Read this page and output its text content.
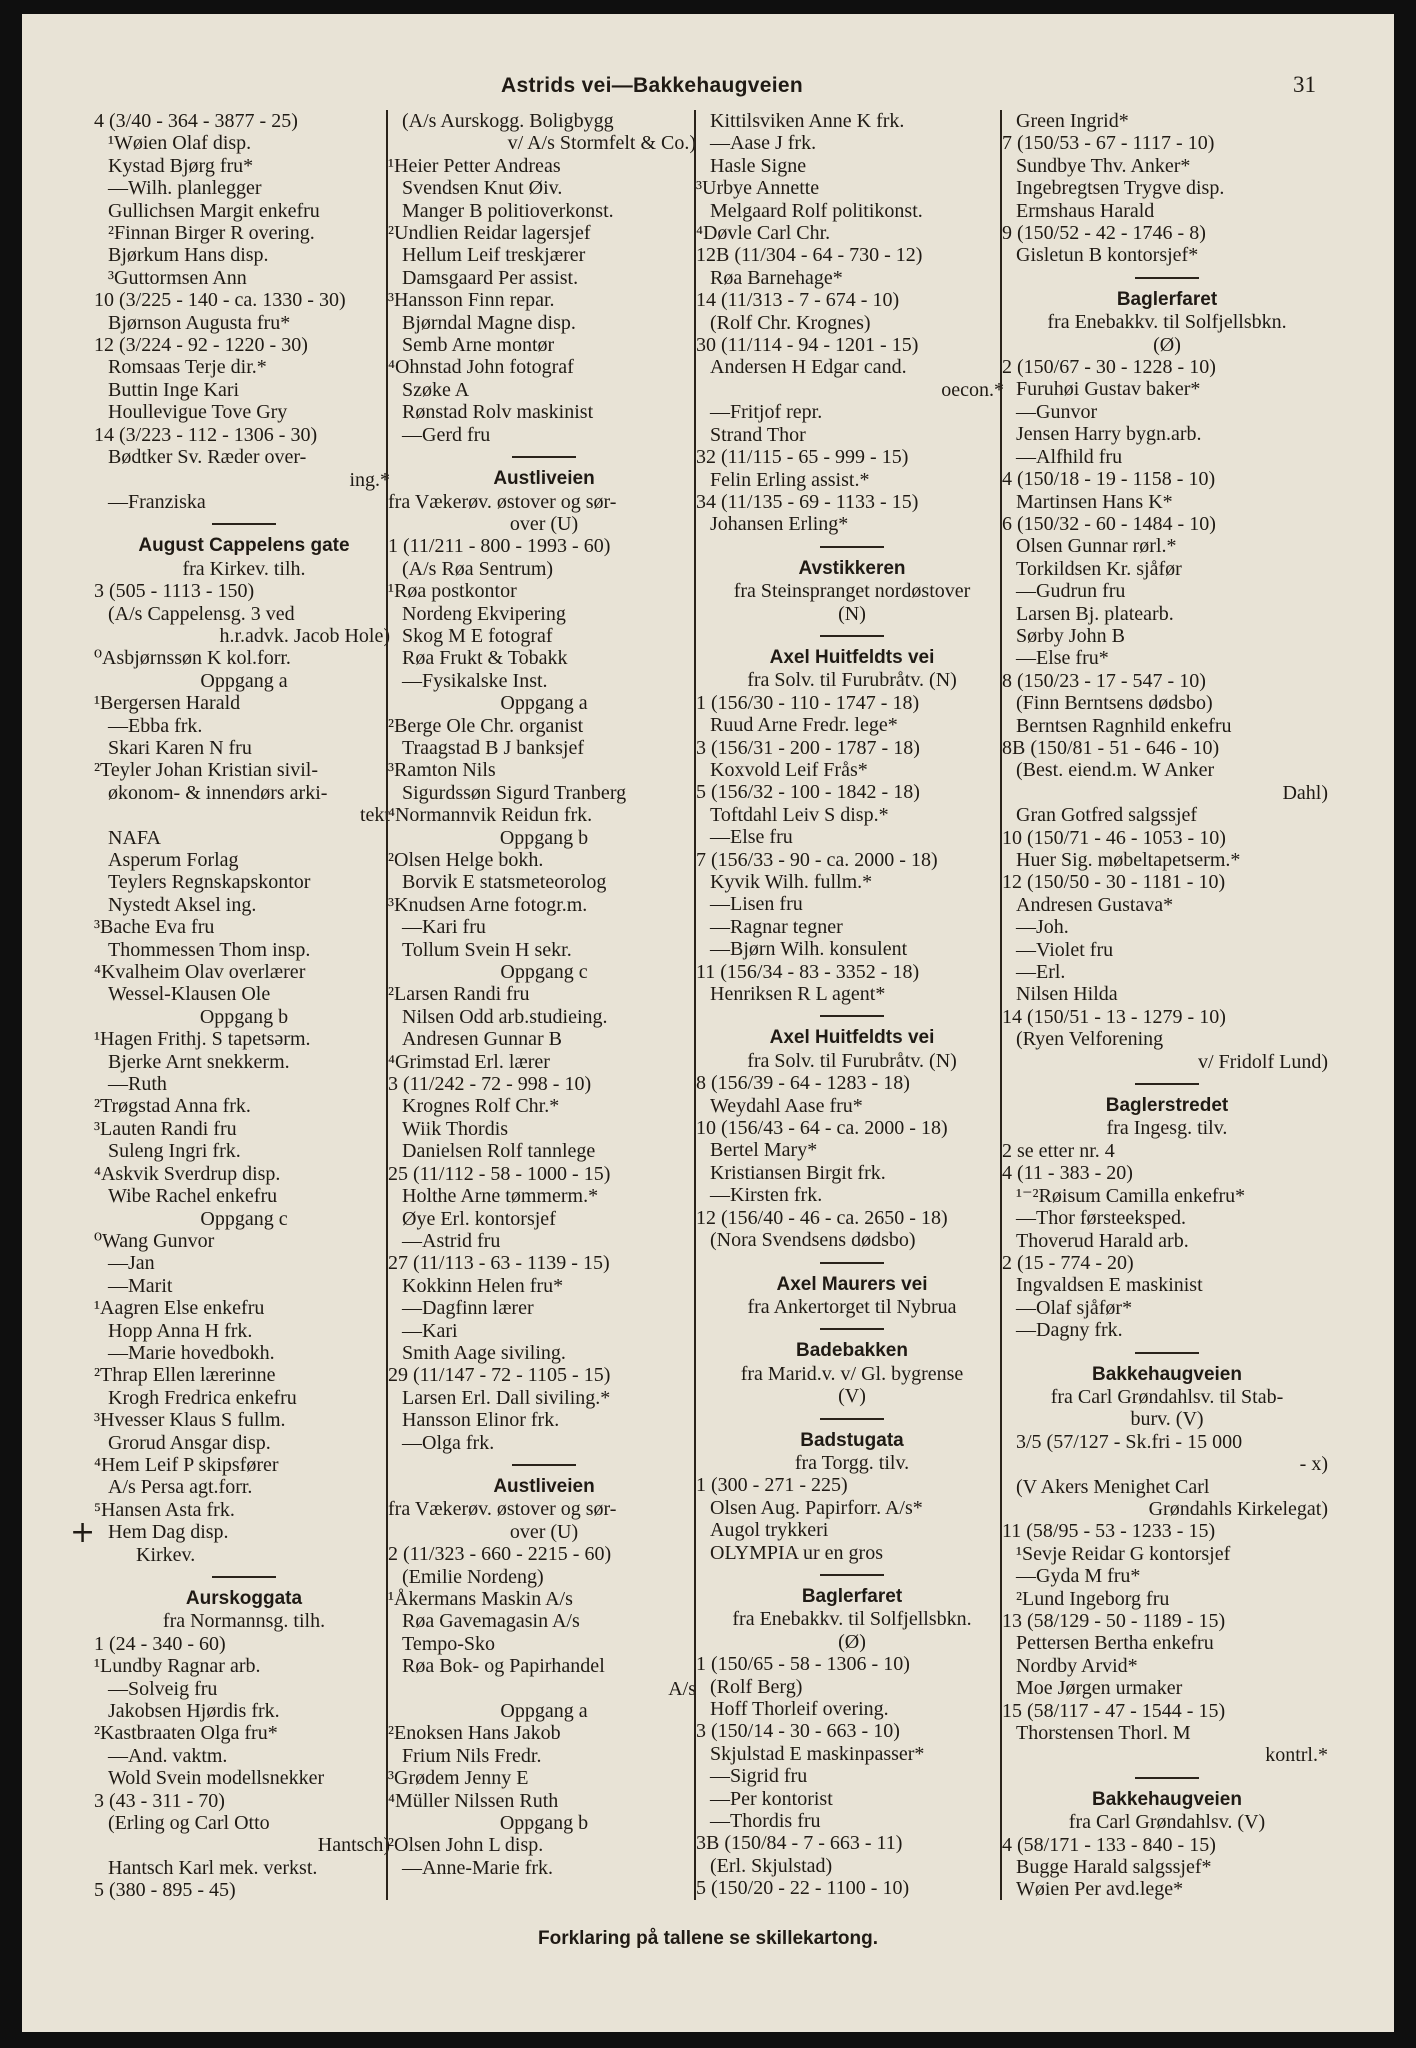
Astrids vei—Bakkehaugveien	31
4 (3/40 - 364 - 3877 - 25)
¹Wøien Olaf disp.
Kystad Bjørg fru*
—Wilh. planlegger
Gullichsen Margit enkefru
²Finnan Birger R overing.
Bjørkum Hans disp.
³Guttormsen Ann
10 (3/225 - 140 - ca. 1330 - 30)
Bjørnson Augusta fru*
12 (3/224 - 92 - 1220 - 30)
Romsaas Terje dir.*
Buttin Inge Kari
Houllevigue Tove Gry
14 (3/223 - 112 - 1306 - 30)
Bødtker Sv. Ræder over-
ing.*
—Franziska
August Cappelens gate
fra Kirkev. tilh.
3 (505 - 1113 - 150)
(A/s Cappelensg. 3 ved
h.r.advk. Jacob Hole)
⁰Asbjørnssøn K kol.forr.
Oppgang a
¹Bergersen Harald
—Ebba frk.
Skari Karen N fru
²Teyler Johan Kristian sivil-
økonom- & innendørs arki-
tekt
NAFA
Asperum Forlag
Teylers Regnskapskontor
Nystedt Aksel ing.
³Bache Eva fru
Thommessen Thom insp.
⁴Kvalheim Olav overlærer
Wessel-Klausen Ole
Oppgang b
¹Hagen Frithj. S tapetsərm.
Bjerke Arnt snekkerm.
—Ruth
²Trøgstad Anna frk.
³Lauten Randi fru
Suleng Ingri frk.
⁴Askvik Sverdrup disp.
Wibe Rachel enkefru
Oppgang c
⁰Wang Gunvor
—Jan
—Marit
¹Aagren Else enkefru
Hopp Anna H frk.
—Marie hovedbokh.
²Thrap Ellen lærerinne
Krogh Fredrica enkefru
³Hvesser Klaus S fullm.
Grorud Ansgar disp.
⁴Hem Leif P skipsfører
A/s Persa agt.forr.
⁵Hansen Asta frk.
Hem Dag disp.
Kirkev.
Aurskoggata
fra Normannsg. tilh.
1 (24 - 340 - 60)
¹Lundby Ragnar arb.
—Solveig fru
Jakobsen Hjørdis frk.
²Kastbraaten Olga fru*
—And. vaktm.
Wold Svein modellsnekker
3 (43 - 311 - 70)
(Erling og Carl Otto
Hantsch)
Hantsch Karl mek. verkst.
5 (380 - 895 - 45)
(A/s Aurskogg. Boligbygg
v/ A/s Stormfelt & Co.)
¹Heier Petter Andreas
Svendsen Knut Øiv.
Manger B politioverkonst.
²Undlien Reidar lagersjef
Hellum Leif treskjærer
Damsgaard Per assist.
³Hansson Finn repar.
Bjørndal Magne disp.
Semb Arne montør
⁴Ohnstad John fotograf
Szøke A
Rønstad Rolv maskinist
—Gerd fru
Austliveien
fra Vækerøv. østover og sør-
over (U)
1 (11/211 - 800 - 1993 - 60)
(A/s Røa Sentrum)
¹Røa postkontor
Nordeng Ekvipering
Skog M E fotograf
Røa Frukt & Tobakk
—Fysikalske Inst.
Oppgang a
²Berge Ole Chr. organist
Traagstad B J banksjef
³Ramton Nils
Sigurdssøn Sigurd Tranberg
⁴Normannvik Reidun frk.
Oppgang b
²Olsen Helge bokh.
Borvik E statsmeteorolog
³Knudsen Arne fotogr.m.
—Kari fru
Tollum Svein H sekr.
Oppgang c
²Larsen Randi fru
Nilsen Odd arb.studieing.
Andresen Gunnar B
⁴Grimstad Erl. lærer
3 (11/242 - 72 - 998 - 10)
Krognes Rolf Chr.*
Wiik Thordis
Danielsen Rolf tannlege
25 (11/112 - 58 - 1000 - 15)
Holthe Arne tømmerm.*
Øye Erl. kontorsjef
—Astrid fru
27 (11/113 - 63 - 1139 - 15)
Kokkinn Helen fru*
—Dagfinn lærer
—Kari
Smith Aage siviling.
29 (11/147 - 72 - 1105 - 15)
Larsen Erl. Dall siviling.*
Hansson Elinor frk.
—Olga frk.
Austliveien
fra Vækerøv. østover og sør-
over (U)
2 (11/323 - 660 - 2215 - 60)
(Emilie Nordeng)
¹Åkermans Maskin A/s
Røa Gavemagasin A/s
Tempo-Sko
Røa Bok- og Papirhandel
A/s
Oppgang a
²Enoksen Hans Jakob
Frium Nils Fredr.
³Grødem Jenny E
⁴Müller Nilssen Ruth
Oppgang b
²Olsen John L disp.
—Anne-Marie frk.
Kittilsviken Anne K frk.
—Aase J frk.
Hasle Signe
³Urbye Annette
Melgaard Rolf politikonst.
⁴Døvle Carl Chr.
12B (11/304 - 64 - 730 - 12)
Røa Barnehage*
14 (11/313 - 7 - 674 - 10)
(Rolf Chr. Krognes)
30 (11/114 - 94 - 1201 - 15)
Andersen H Edgar cand.
oecon.*
—Fritjof repr.
Strand Thor
32 (11/115 - 65 - 999 - 15)
Felin Erling assist.*
34 (11/135 - 69 - 1133 - 15)
Johansen Erling*
Avstikkeren
fra Steinspranget nordøstover
(N)
Axel Huitfeldts vei
fra Solv. til Furubråtv. (N)
1 (156/30 - 110 - 1747 - 18)
Ruud Arne Fredr. lege*
3 (156/31 - 200 - 1787 - 18)
Koxvold Leif Frås*
5 (156/32 - 100 - 1842 - 18)
Toftdahl Leiv S disp.*
—Else fru
7 (156/33 - 90 - ca. 2000 - 18)
Kyvik Wilh. fullm.*
—Lisen fru
—Ragnar tegner
—Bjørn Wilh. konsulent
11 (156/34 - 83 - 3352 - 18)
Henriksen R L agent*
Axel Huitfeldts vei
fra Solv. til Furubråtv. (N)
8 (156/39 - 64 - 1283 - 18)
Weydahl Aase fru*
10 (156/43 - 64 - ca. 2000 - 18)
Bertel Mary*
Kristiansen Birgit frk.
—Kirsten frk.
12 (156/40 - 46 - ca. 2650 - 18)
(Nora Svendsens dødsbo)
Axel Maurers vei
fra Ankertorget til Nybrua
Badebakken
fra Marid.v. v/ Gl. bygrense
(V)
Badstugata
fra Torgg. tilv.
1 (300 - 271 - 225)
Olsen Aug. Papirforr. A/s*
Augol trykkeri
OLYMPIA ur en gros
Baglerfaret
fra Enebakkv. til Solfjellsbkn.
(Ø)
1 (150/65 - 58 - 1306 - 10)
(Rolf Berg)
Hoff Thorleif overing.
3 (150/14 - 30 - 663 - 10)
Skjulstad E maskinpasser*
—Sigrid fru
—Per kontorist
—Thordis fru
3B (150/84 - 7 - 663 - 11)
(Erl. Skjulstad)
5 (150/20 - 22 - 1100 - 10)
Green Ingrid*
7 (150/53 - 67 - 1117 - 10)
Sundbye Thv. Anker*
Ingebregtsen Trygve disp.
Ermshaus Harald
9 (150/52 - 42 - 1746 - 8)
Gisletun B kontorsjef*
Baglerfaret
fra Enebakkv. til Solfjellsbkn.
(Ø)
2 (150/67 - 30 - 1228 - 10)
Furuhøi Gustav baker*
—Gunvor
Jensen Harry bygn.arb.
—Alfhild fru
4 (150/18 - 19 - 1158 - 10)
Martinsen Hans K*
6 (150/32 - 60 - 1484 - 10)
Olsen Gunnar rørl.*
Torkildsen Kr. sjåfør
—Gudrun fru
Larsen Bj. platearb.
Sørby John B
—Else fru*
8 (150/23 - 17 - 547 - 10)
(Finn Berntsens dødsbo)
Berntsen Ragnhild enkefru
8B (150/81 - 51 - 646 - 10)
(Best. eiend.m. W Anker
Dahl)
Gran Gotfred salgssjef
10 (150/71 - 46 - 1053 - 10)
Huer Sig. møbeltapetserm.*
12 (150/50 - 30 - 1181 - 10)
Andresen Gustava*
—Joh.
—Violet fru
—Erl.
Nilsen Hilda
14 (150/51 - 13 - 1279 - 10)
(Ryen Velforening
v/ Fridolf Lund)
Baglerstredet
fra Ingesg. tilv.
2 se etter nr. 4
4 (11 - 383 - 20)
¹⁻²Røisum Camilla enkefru*
—Thor førsteeksped.
Thoverud Harald arb.
2 (15 - 774 - 20)
Ingvaldsen E maskinist
—Olaf sjåfør*
—Dagny frk.
Bakkehaugveien
fra Carl Grøndahlsv. til Stab-
burv. (V)
3/5 (57/127 - Sk.fri - 15 000
- x)
(V Akers Menighet Carl
Grøndahls Kirkelegat)
11 (58/95 - 53 - 1233 - 15)
¹Sevje Reidar G kontorsjef
—Gyda M fru*
²Lund Ingeborg fru
13 (58/129 - 50 - 1189 - 15)
Pettersen Bertha enkefru
Nordby Arvid*
Moe Jørgen urmaker
15 (58/117 - 47 - 1544 - 15)
Thorstensen Thorl. M
kontrl.*
Bakkehaugveien
fra Carl Grøndahlsv. (V)
4 (58/171 - 133 - 840 - 15)
Bugge Harald salgssjef*
Wøien Per avd.lege*
+
Forklaring på tallene se skillekartong.
